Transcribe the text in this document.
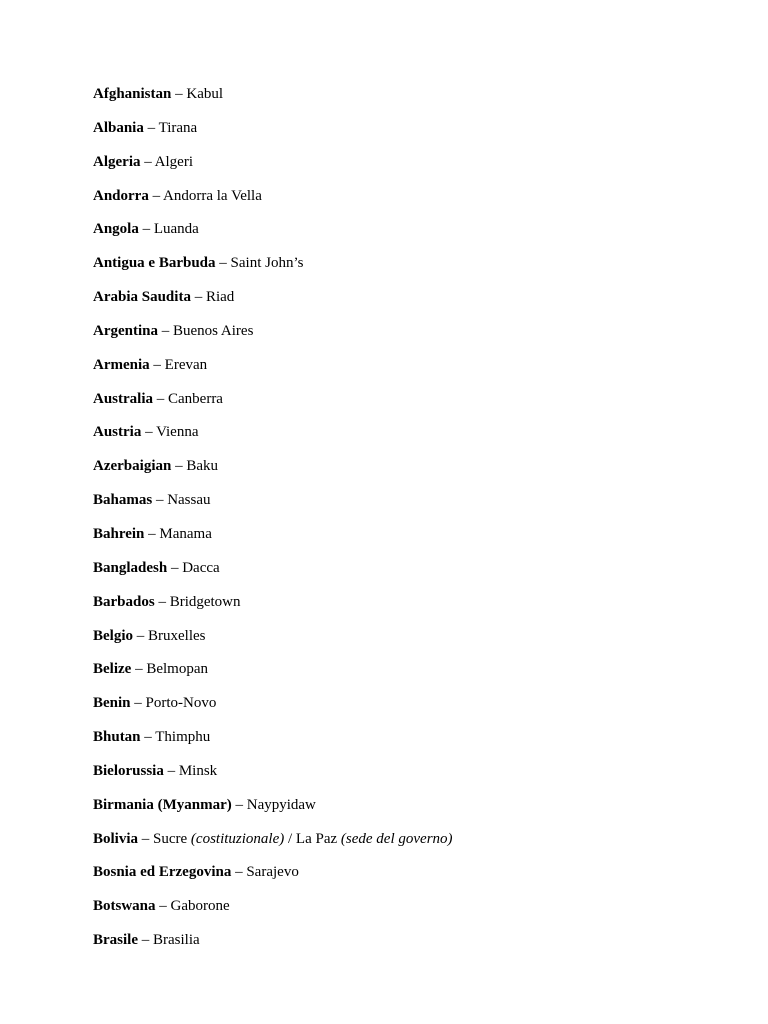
Afghanistan – Kabul
Albania – Tirana
Algeria – Algeri
Andorra – Andorra la Vella
Angola – Luanda
Antigua e Barbuda – Saint John’s
Arabia Saudita – Riad
Argentina – Buenos Aires
Armenia – Erevan
Australia – Canberra
Austria – Vienna
Azerbaigian – Baku
Bahamas – Nassau
Bahrein – Manama
Bangladesh – Dacca
Barbados – Bridgetown
Belgio – Bruxelles
Belize – Belmopan
Benin – Porto-Novo
Bhutan – Thimphu
Bielorussia – Minsk
Birmania (Myanmar) – Naypyidaw
Bolivia – Sucre (costituzionale) / La Paz (sede del governo)
Bosnia ed Erzegovina – Sarajevo
Botswana – Gaborone
Brasile – Brasilia
